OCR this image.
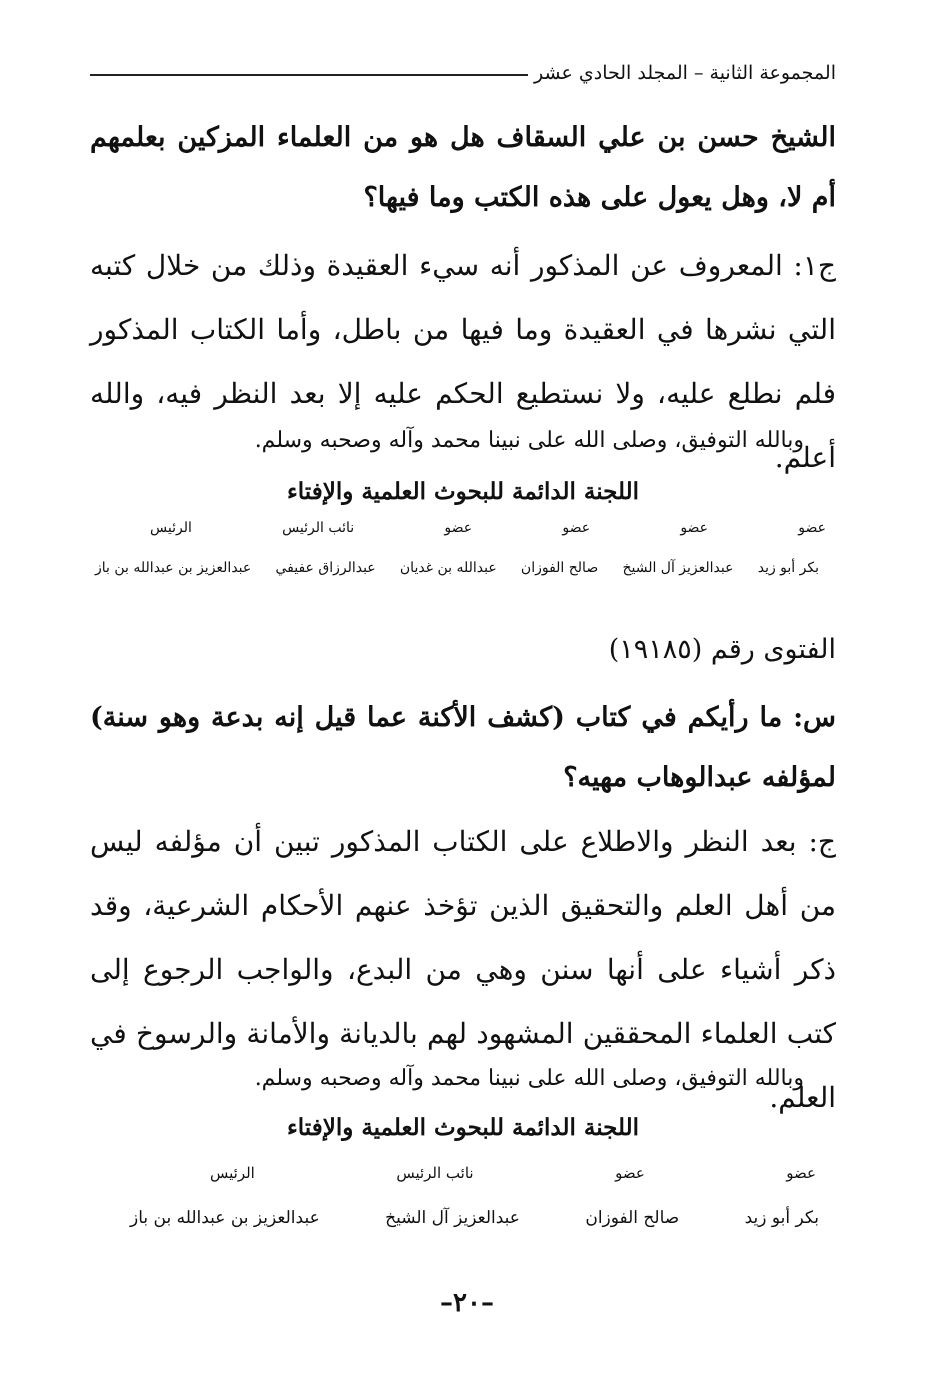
المجموعة الثانية – المجلد الحادي عشر

الشيخ حسن بن علي السقاف هل هو من العلماء المزكين بعلمهم أم لا، وهل يعول على هذه الكتب وما فيها؟

ج١: المعروف عن المذكور أنه سيء العقيدة وذلك من خلال كتبه التي نشرها في العقيدة وما فيها من باطل، وأما الكتاب المذكور فلم نطلع عليه، ولا نستطيع الحكم عليه إلا بعد النظر فيه، والله أعلم.

وبالله التوفيق، وصلى الله على نبينا محمد وآله وصحبه وسلم.

اللجنة الدائمة للبحوث العلمية والإفتاء

عضو
عضو
عضو
عضو
نائب الرئيس
الرئيس
بكر أبو زيد
عبدالعزيز آل الشيخ
صالح الفوزان
عبدالله بن غديان
عبدالرزاق عفيفي
عبدالعزيز بن عبدالله بن باز

الفتوى رقم (١٩١٨٥)

س: ما رأيكم في كتاب (كشف الأكنة عما قيل إنه بدعة وهو سنة) لمؤلفه عبدالوهاب مهيه؟

ج: بعد النظر والاطلاع على الكتاب المذكور تبين أن مؤلفه ليس من أهل العلم والتحقيق الذين تؤخذ عنهم الأحكام الشرعية، وقد ذكر أشياء على أنها سنن وهي من البدع، والواجب الرجوع إلى كتب العلماء المحققين المشهود لهم بالديانة والأمانة والرسوخ في العلم.

وبالله التوفيق، وصلى الله على نبينا محمد وآله وصحبه وسلم.

اللجنة الدائمة للبحوث العلمية والإفتاء

عضو
عضو
نائب الرئيس
الرئيس
بكر أبو زيد
صالح الفوزان
عبدالعزيز آل الشيخ
عبدالعزيز بن عبدالله بن باز
–٢٠–
